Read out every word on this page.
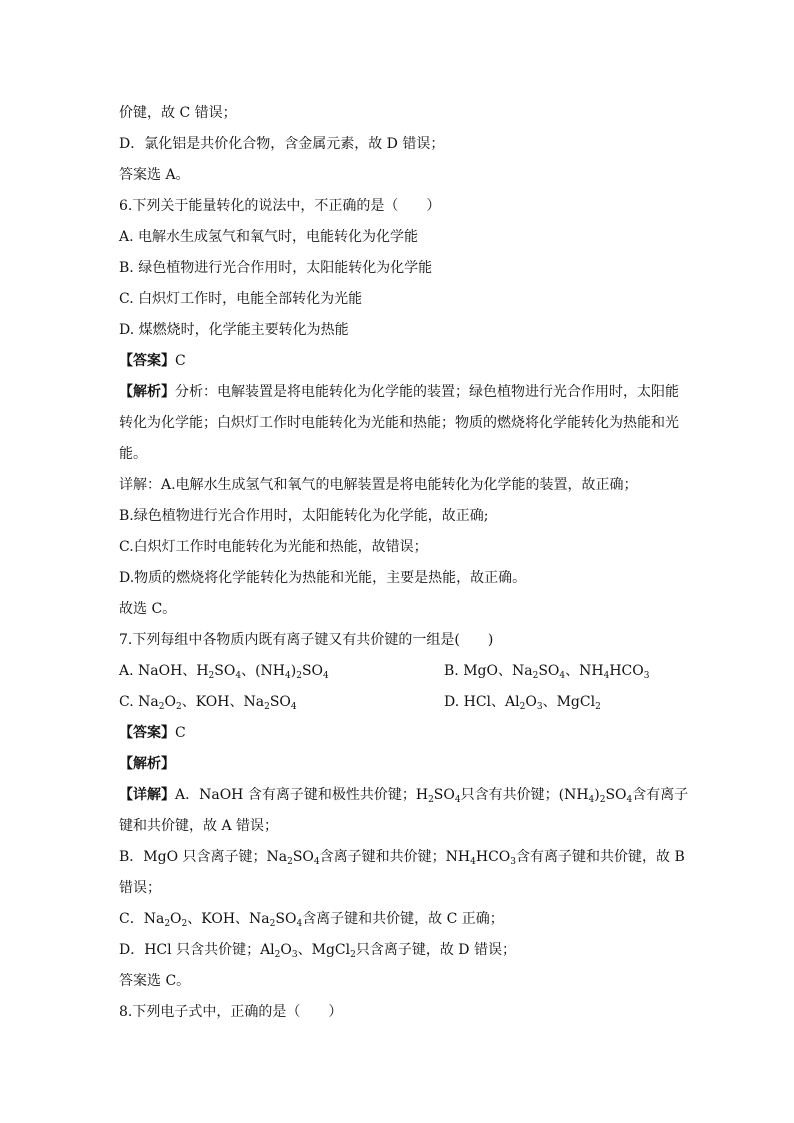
价键，故 C 错误；
D．氯化铝是共价化合物，含金属元素，故 D 错误；
答案选 A。
6.下列关于能量转化的说法中，不正确的是（　　）
A. 电解水生成氢气和氧气时，电能转化为化学能
B. 绿色植物进行光合作用时，太阳能转化为化学能
C. 白炽灯工作时，电能全部转化为光能
D. 煤燃烧时，化学能主要转化为热能
【答案】C
【解析】分析：电解装置是将电能转化为化学能的装置；绿色植物进行光合作用时，太阳能
转化为化学能；白炽灯工作时电能转化为光能和热能；物质的燃烧将化学能转化为热能和光
能。
详解：A.电解水生成氢气和氧气的电解装置是将电能转化为化学能的装置，故正确；
B.绿色植物进行光合作用时，太阳能转化为化学能，故正确;
C.白炽灯工作时电能转化为光能和热能，故错误；
D.物质的燃烧将化学能转化为热能和光能，主要是热能，故正确。
故选 C。
7.下列每组中各物质内既有离子键又有共价键的一组是(　　)
A. NaOH、$H_2SO_4$、$(NH_4)_2SO_4$	B. MgO、$Na_2SO_4$、$NH_4HCO_3$
C. $Na_2O_2$、KOH、$Na_2SO_4$	D. HCl、$Al_2O_3$、MgCl$_2$
【答案】C
【解析】
【详解】A．NaOH 含有离子键和极性共价键；$H_2SO_4$只含有共价键；$(NH_4)_2SO_4$含有离子
键和共价键，故 A 错误；
B．MgO 只含离子键；$Na_2SO_4$含离子键和共价键；$NH_4HCO_3$含有离子键和共价键，故 B
错误；
C．$Na_2O_2$、KOH、$Na_2SO_4$含离子键和共价键，故 C 正确；
D．HCl 只含共价键；$Al_2O_3$、MgCl$_2$只含离子键，故 D 错误；
答案选 C。
8.下列电子式中，正确的是（　　）
